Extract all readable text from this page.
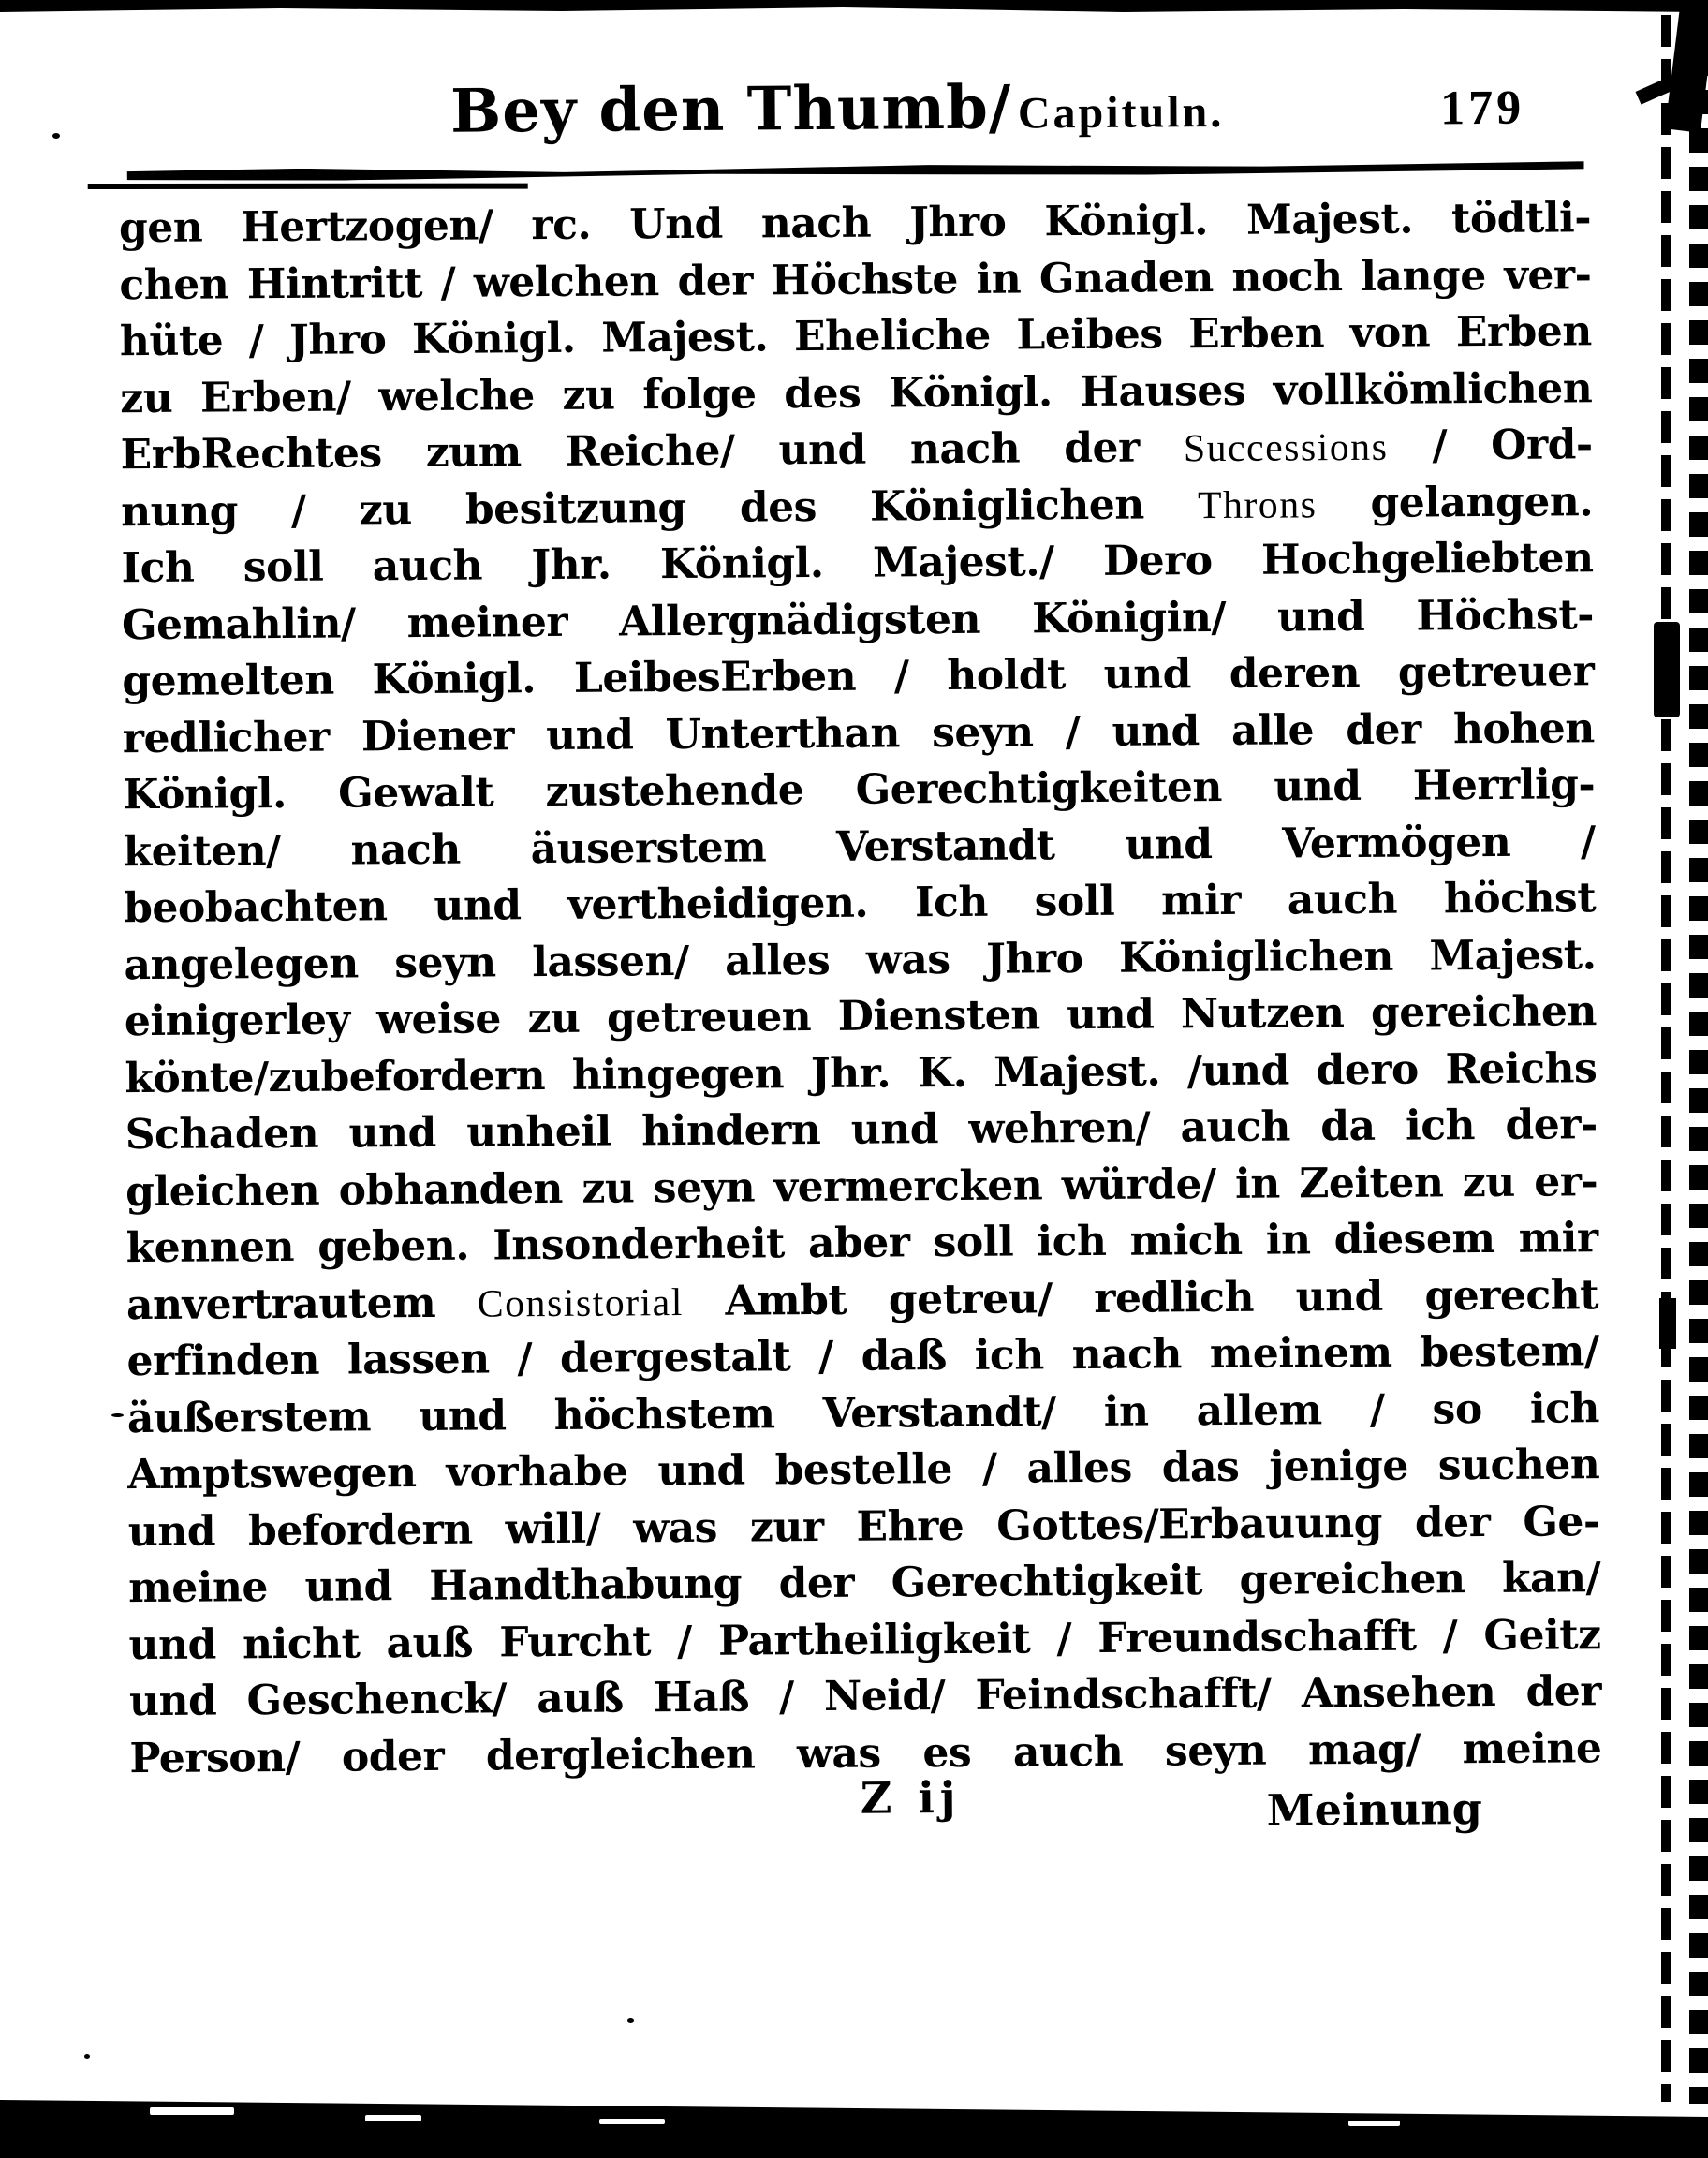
Bey den Thumb/ Capituln.	179
gen Hertzogen/ rc. Und nach Jhro Königl. Majest. tödtli-
chen Hintritt / welchen der Höchste in Gnaden noch lange ver-
hüte / Jhro Königl. Majest. Eheliche Leibes Erben von Erben
zu Erben/ welche zu folge des Königl. Hauses vollkömlichen
ErbRechtes zum Reiche/ und nach der Successions / Ord-
nung / zu besitzung des Königlichen Throns gelangen.
Ich soll auch Jhr. Königl. Majest./ Dero Hochgeliebten
Gemahlin/ meiner Allergnädigsten Königin/ und Höchst-
gemelten Königl. LeibesErben / holdt und deren getreuer
redlicher Diener und Unterthan seyn / und alle der hohen
Königl. Gewalt zustehende Gerechtigkeiten und Herrlig-
keiten/ nach äuserstem Verstandt und Vermögen /
beobachten und vertheidigen. Ich soll mir auch höchst
angelegen seyn lassen/ alles was Jhro Königlichen Majest.
einigerley weise zu getreuen Diensten und Nutzen gereichen
könte/zubefordern hingegen Jhr. K. Majest. /und dero Reichs
Schaden und unheil hindern und wehren/ auch da ich der-
gleichen obhanden zu seyn vermercken würde/ in Zeiten zu er-
kennen geben. Insonderheit aber soll ich mich in diesem mir
anvertrautem Consistorial Ambt getreu/ redlich und gerecht
erfinden lassen / dergestalt / daß ich nach meinem bestem/
äußerstem und höchstem Verstandt/ in allem / so ich
Amptswegen vorhabe und bestelle / alles das jenige suchen
und befordern will/ was zur Ehre Gottes/Erbauung der Ge-
meine und Handthabung der Gerechtigkeit gereichen kan/
und nicht auß Furcht / Partheiligkeit / Freundschafft / Geitz
und Geschenck/ auß Haß / Neid/ Feindschafft/ Ansehen der
Person/ oder dergleichen was es auch seyn mag/ meine
Z ij	Meinung
